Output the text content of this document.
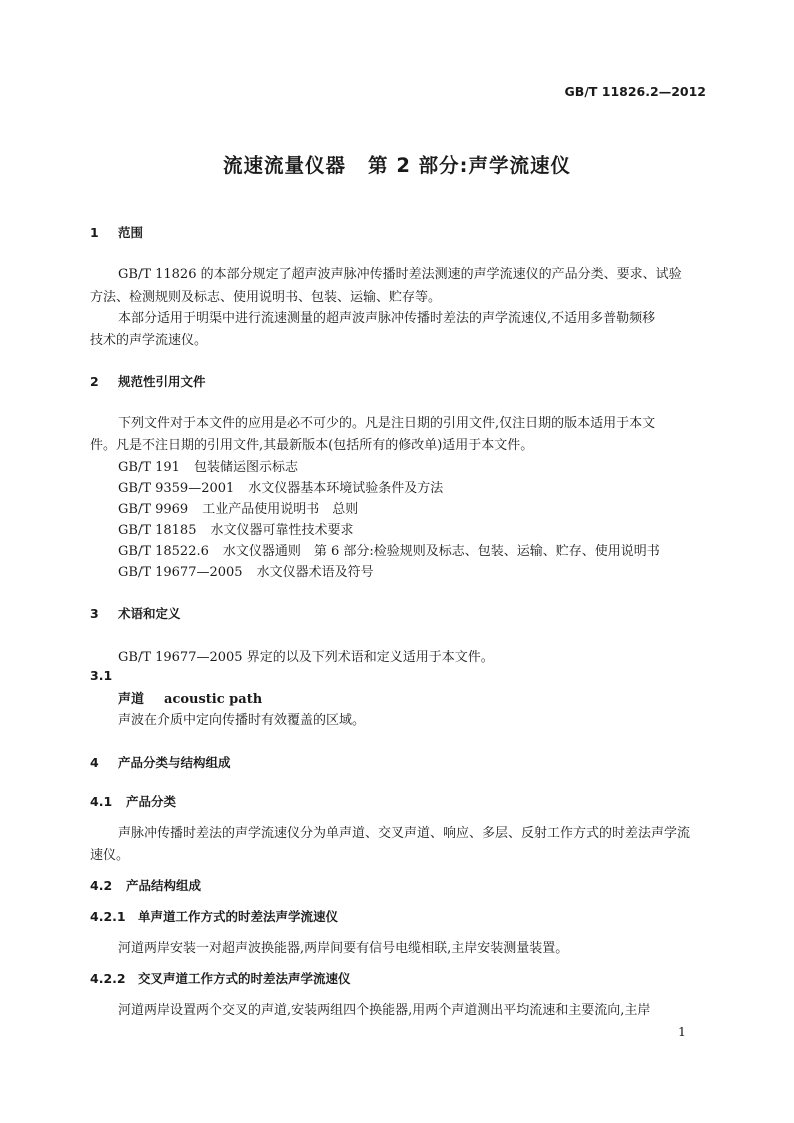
GB/T 11826.2—2012
流速流量仪器 第 2 部分:声学流速仪
1 范围
GB/T 11826 的本部分规定了超声波声脉冲传播时差法测速的声学流速仪的产品分类、要求、试验
方法、检测规则及标志、使用说明书、包装、运输、贮存等。
本部分适用于明渠中进行流速测量的超声波声脉冲传播时差法的声学流速仪,不适用多普勒频移
技术的声学流速仪。
2 规范性引用文件
下列文件对于本文件的应用是必不可少的。凡是注日期的引用文件,仅注日期的版本适用于本文
件。凡是不注日期的引用文件,其最新版本(包括所有的修改单)适用于本文件。
GB/T 191 包装储运图示标志
GB/T 9359—2001 水文仪器基本环境试验条件及方法
GB/T 9969 工业产品使用说明书　总则
GB/T 18185 水文仪器可靠性技术要求
GB/T 18522.6 水文仪器通则　第 6 部分:检验规则及标志、包装、运输、贮存、使用说明书
GB/T 19677—2005 水文仪器术语及符号
3 术语和定义
GB/T 19677—2005 界定的以及下列术语和定义适用于本文件。
3.1
声道 acoustic path
声波在介质中定向传播时有效覆盖的区域。
4 产品分类与结构组成
4.1 产品分类
声脉冲传播时差法的声学流速仪分为单声道、交叉声道、响应、多层、反射工作方式的时差法声学流
速仪。
4.2 产品结构组成
4.2.1 单声道工作方式的时差法声学流速仪
河道两岸安装一对超声波换能器,两岸间要有信号电缆相联,主岸安装测量装置。
4.2.2 交叉声道工作方式的时差法声学流速仪
河道两岸设置两个交叉的声道,安装两组四个换能器,用两个声道测出平均流速和主要流向,主岸
1
